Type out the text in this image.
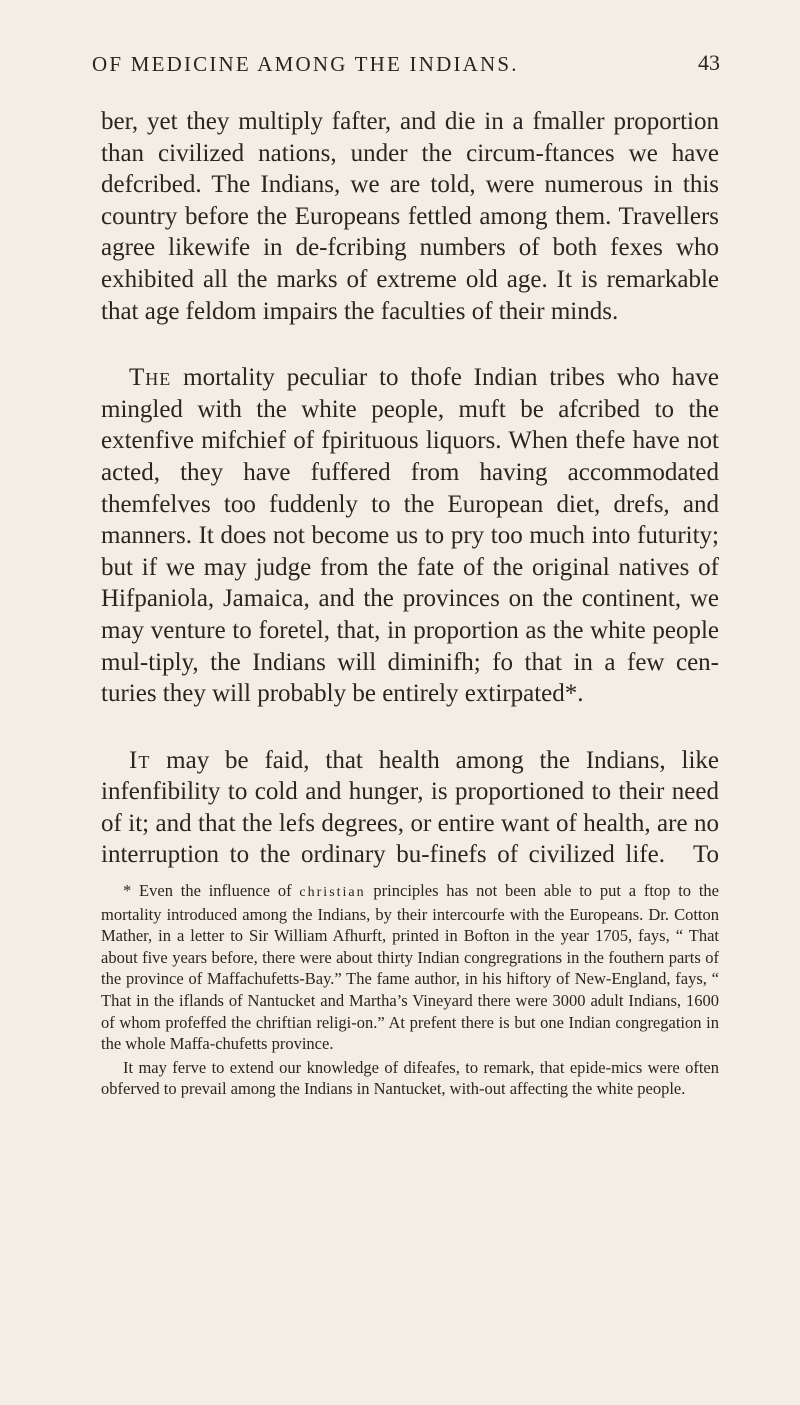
OF MEDICINE AMONG THE INDIANS.	43

ber, yet they multiply fafter, and die in a fmaller proportion than civilized nations, under the circum-ftances we have defcribed. The Indians, we are told, were numerous in this country before the Europeans fettled among them. Travellers agree likewife in de-fcribing numbers of both fexes who exhibited all the marks of extreme old age. It is remarkable that age feldom impairs the faculties of their minds.

The mortality peculiar to thofe Indian tribes who have mingled with the white people, muft be afcribed to the extenfive mifchief of fpirituous liquors. When thefe have not acted, they have fuffered from having accommodated themfelves too fuddenly to the European diet, drefs, and manners. It does not become us to pry too much into futurity; but if we may judge from the fate of the original natives of Hifpaniola, Jamaica, and the provinces on the continent, we may venture to foretel, that, in proportion as the white people mul-tiply, the Indians will diminifh; fo that in a few cen-turies they will probably be entirely extirpated*.

It may be faid, that health among the Indians, like infenfibility to cold and hunger, is proportioned to their need of it; and that the lefs degrees, or entire want of health, are no interruption to the ordinary bu-finefs of civilized life.	To

* Even the influence of christian principles has not been able to put a ftop to the mortality introduced among the Indians, by their intercourfe with the Europeans. Dr. Cotton Mather, in a letter to Sir William Afhurft, printed in Bofton in the year 1705, fays, “ That about five years before, there were about thirty Indian congregrations in the fouthern parts of the province of Maffachufetts-Bay.” The fame author, in his hiftory of New-England, fays, “ That in the iflands of Nantucket and Martha’s Vineyard there were 3000 adult Indians, 1600 of whom profeffed the chriftian religi-on.” At prefent there is but one Indian congregation in the whole Maffa-chufetts province.

It may ferve to extend our knowledge of difeafes, to remark, that epide-mics were often obferved to prevail among the Indians in Nantucket, with-out affecting the white people.
